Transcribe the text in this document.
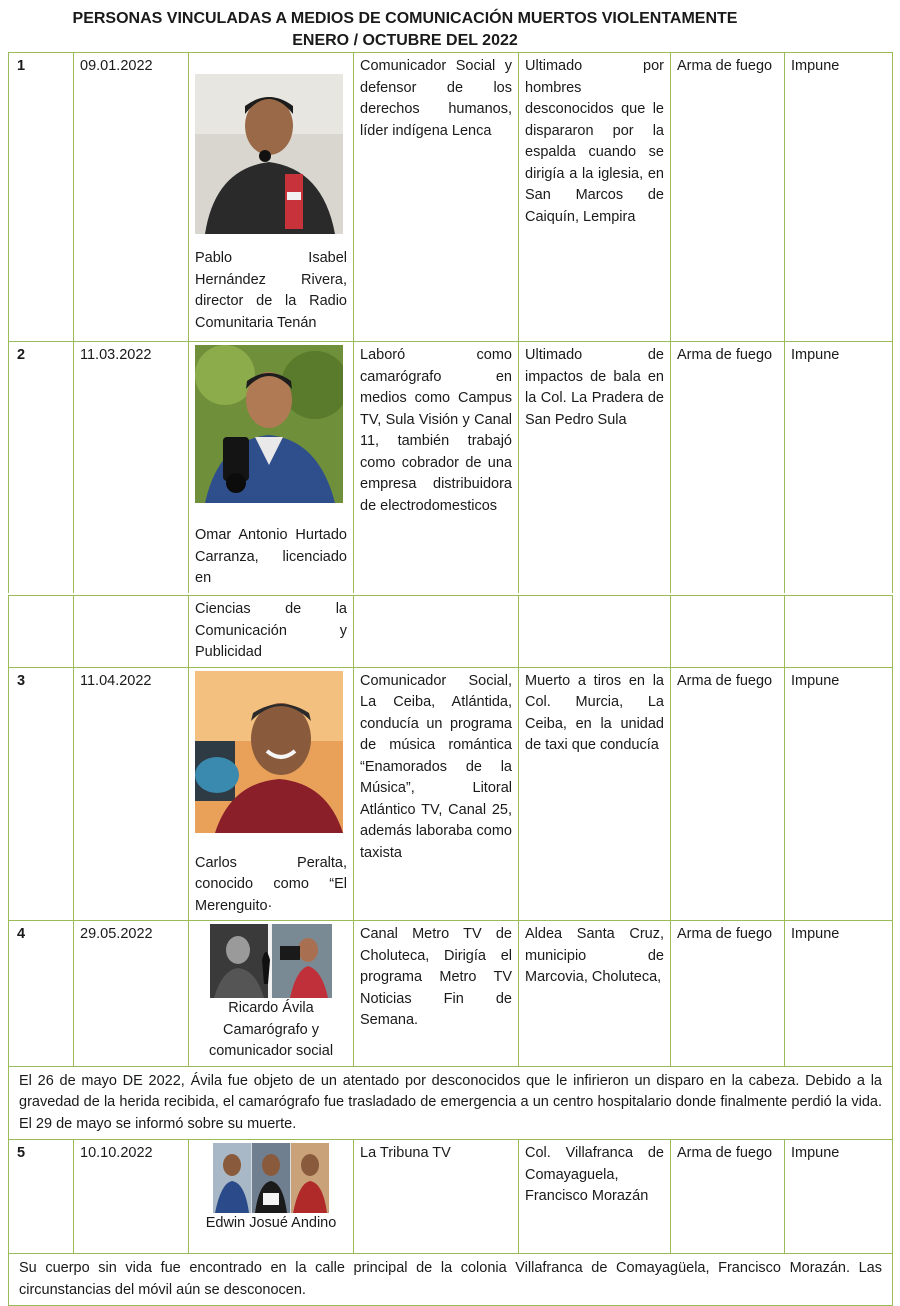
PERSONAS VINCULADAS A MEDIOS DE COMUNICACIÓN MUERTOS VIOLENTAMENTE
ENERO / OCTUBRE DEL 2022
1	09.01.2022	Pablo Isabel Hernández Rivera, director de la Radio Comunitaria Tenán	Comunicador Social y defensor de los derechos humanos, líder indígena Lenca	Ultimado por hombres desconocidos que le dispararon por la espalda cuando se dirigía a la iglesia, en San Marcos de Caiquín, Lempira	Arma de fuego	Impune
2	11.03.2022	Omar Antonio Hurtado Carranza, licenciado en	Laboró como camarógrafo en medios como Campus TV, Sula Visión y Canal 11, también trabajó como cobrador de una empresa distribuidora de electrodomesticos	Ultimado de impactos de bala en la Col. La Pradera de San Pedro Sula	Arma de fuego	Impune
		Ciencias de la Comunicación y Publicidad				
3	11.04.2022	Carlos Peralta, conocido como “El Merenguito·	Comunicador Social, La Ceiba, Atlántida, conducía un programa de música romántica “Enamorados de la Música”, Litoral Atlántico TV, Canal 25, además laboraba como taxista	Muerto a tiros en la Col. Murcia, La Ceiba, en la unidad de taxi que conducía	Arma de fuego	Impune
4	29.05.2022	Ricardo Ávila Camarógrafo y comunicador social	Canal Metro TV de Choluteca, Dirigía el programa Metro TV Noticias Fin de Semana.	Aldea Santa Cruz, municipio de Marcovia, Choluteca,	Arma de fuego	Impune
El 26 de mayo DE 2022, Ávila fue objeto de un atentado por desconocidos que le infirieron un disparo en la cabeza. Debido a la gravedad de la herida recibida, el camarógrafo fue trasladado de emergencia a un centro hospitalario donde finalmente perdió la vida. El 29 de mayo se informó sobre su muerte.						
5	10.10.2022	Edwin Josué Andino	La Tribuna TV	Col. Villafranca de Comayaguela, Francisco Morazán	Arma de fuego	Impune
Su cuerpo sin vida fue encontrado en la calle principal de la colonia Villafranca de Comayagüela, Francisco Morazán. Las circunstancias del móvil aún se desconocen.						
